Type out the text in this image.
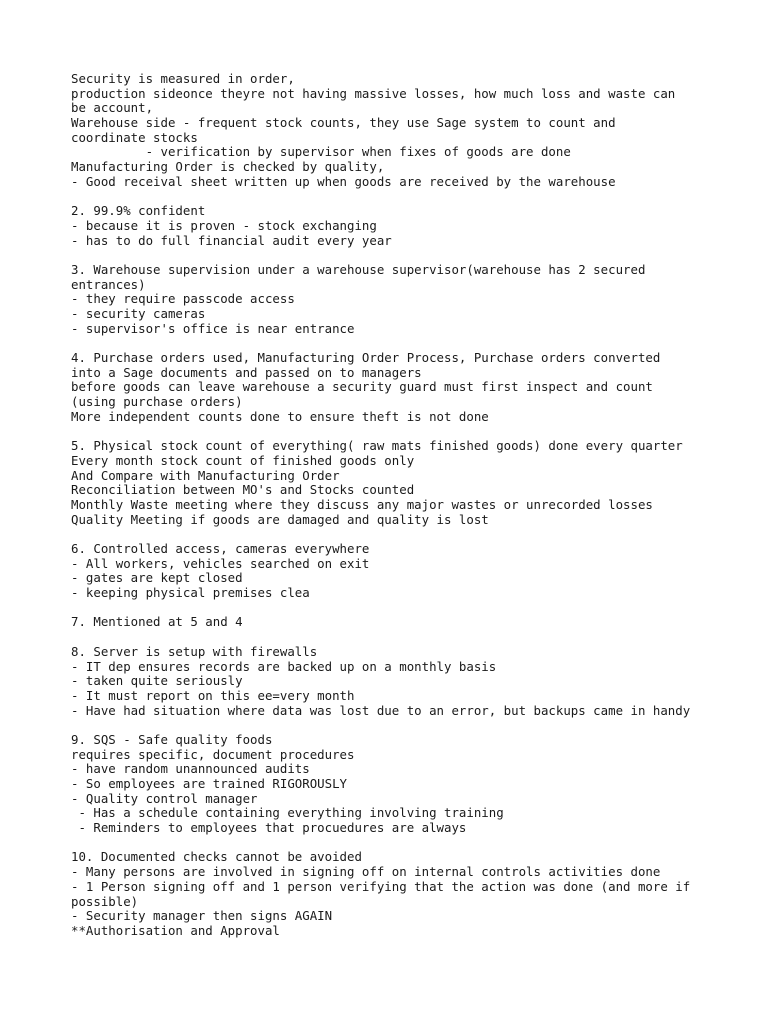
Security is measured in order,
production sideonce theyre not having massive losses, how much loss and waste can
be account,
Warehouse side - frequent stock counts, they use Sage system to count and
coordinate stocks
- verification by supervisor when fixes of goods are done
Manufacturing Order is checked by quality,
- Good receival sheet written up when goods are received by the warehouse
2. 99.9% confident
- because it is proven - stock exchanging
- has to do full financial audit every year
3. Warehouse supervision under a warehouse supervisor(warehouse has 2 secured
entrances)
- they require passcode access
- security cameras
- supervisor's office is near entrance
4. Purchase orders used, Manufacturing Order Process, Purchase orders converted
into a Sage documents and passed on to managers
before goods can leave warehouse a security guard must first inspect and count
(using purchase orders)
More independent counts done to ensure theft is not done
5. Physical stock count of everything( raw mats finished goods) done every quarter
Every month stock count of finished goods only
And Compare with Manufacturing Order
Reconciliation between MO's and Stocks counted
Monthly Waste meeting where they discuss any major wastes or unrecorded losses
Quality Meeting if goods are damaged and quality is lost
6. Controlled access, cameras everywhere
- All workers, vehicles searched on exit
- gates are kept closed
- keeping physical premises clea
7. Mentioned at 5 and 4
8. Server is setup with firewalls
- IT dep ensures records are backed up on a monthly basis
- taken quite seriously
- It must report on this ee=very month
- Have had situation where data was lost due to an error, but backups came in handy
9. SQS - Safe quality foods
requires specific, document procedures
- have random unannounced audits
- So employees are trained RIGOROUSLY
- Quality control manager
- Has a schedule containing everything involving training
- Reminders to employees that procuedures are always
10. Documented checks cannot be avoided
- Many persons are involved in signing off on internal controls activities done
- 1 Person signing off and 1 person verifying that the action was done (and more if
possible)
- Security manager then signs AGAIN
**Authorisation and Approval
